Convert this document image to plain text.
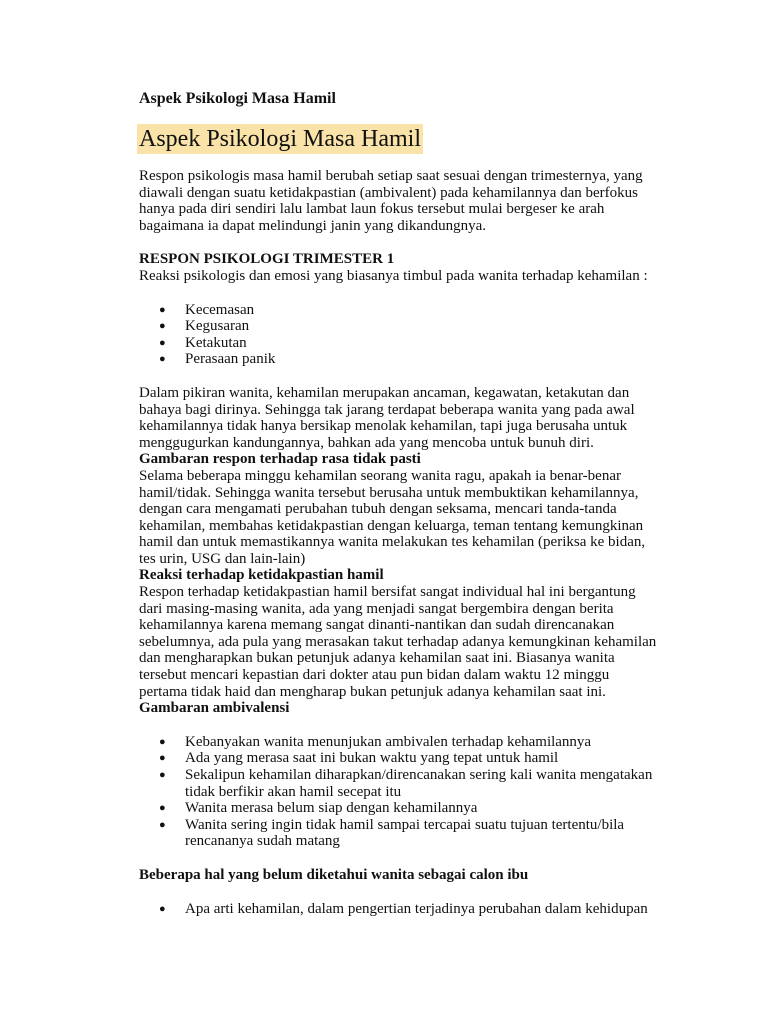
Aspek Psikologi Masa Hamil
Aspek Psikologi Masa Hamil

Respon psikologis masa hamil berubah setiap saat sesuai dengan trimesternya, yang
diawali dengan suatu ketidakpastian (ambivalent) pada kehamilannya dan berfokus
hanya pada diri sendiri lalu lambat laun fokus tersebut mulai bergeser ke arah
bagaimana ia dapat melindungi janin yang dikandungnya.

RESPON PSIKOLOGI TRIMESTER 1

Reaksi psikologis dan emosi yang biasanya timbul pada wanita terhadap kehamilan :

● Kecemasan
● Kegusaran
● Ketakutan
● Perasaan panik

Dalam pikiran wanita, kehamilan merupakan ancaman, kegawatan, ketakutan dan
bahaya bagi dirinya. Sehingga tak jarang terdapat beberapa wanita yang pada awal
kehamilannya tidak hanya bersikap menolak kehamilan, tapi juga berusaha untuk
menggugurkan kandungannya, bahkan ada yang mencoba untuk bunuh diri.

Gambaran respon terhadap rasa tidak pasti

Selama beberapa minggu kehamilan seorang wanita ragu, apakah ia benar-benar
hamil/tidak. Sehingga wanita tersebut berusaha untuk membuktikan kehamilannya,
dengan cara mengamati perubahan tubuh dengan seksama, mencari tanda-tanda
kehamilan, membahas ketidakpastian dengan keluarga, teman tentang kemungkinan
hamil dan untuk memastikannya wanita melakukan tes kehamilan (periksa ke bidan,
tes urin, USG dan lain-lain)

Reaksi terhadap ketidakpastian hamil

Respon terhadap ketidakpastian hamil bersifat sangat individual hal ini bergantung
dari masing-masing wanita, ada yang menjadi sangat bergembira dengan berita
kehamilannya karena memang sangat dinanti-nantikan dan sudah direncanakan
sebelumnya, ada pula yang merasakan takut terhadap adanya kemungkinan kehamilan
dan mengharapkan bukan petunjuk adanya kehamilan saat ini. Biasanya wanita
tersebut mencari kepastian dari dokter atau pun bidan dalam waktu 12 minggu
pertama tidak haid dan mengharap bukan petunjuk adanya kehamilan saat ini.

Gambaran ambivalensi

● Kebanyakan wanita menunjukan ambivalen terhadap kehamilannya
● Ada yang merasa saat ini bukan waktu yang tepat untuk hamil
● Sekalipun kehamilan diharapkan/direncanakan sering kali wanita mengatakan
tidak berfikir akan hamil secepat itu
● Wanita merasa belum siap dengan kehamilannya
● Wanita sering ingin tidak hamil sampai tercapai suatu tujuan tertentu/bila
rencananya sudah matang

Beberapa hal yang belum diketahui wanita sebagai calon ibu

● Apa arti kehamilan, dalam pengertian terjadinya perubahan dalam kehidupan
